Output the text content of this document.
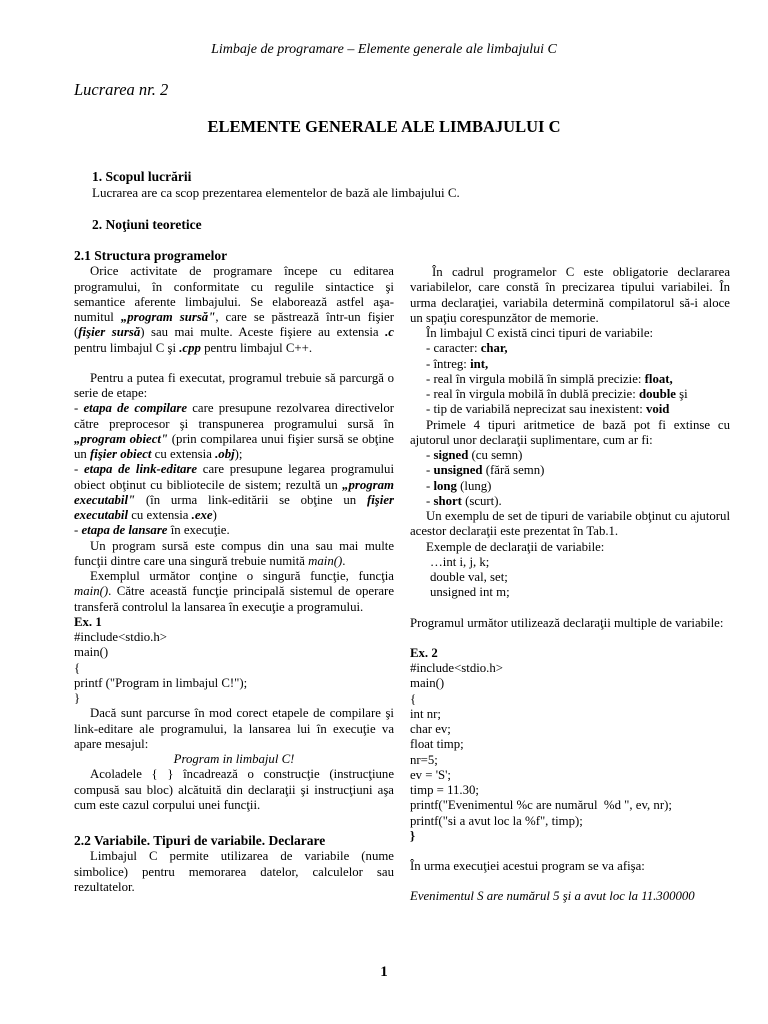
Limbaje de programare – Elemente generale ale limbajului C
Lucrarea nr. 2
ELEMENTE GENERALE ALE LIMBAJULUI C
1. Scopul lucrării
Lucrarea are ca scop prezentarea elementelor de bază ale limbajului C.
2. Noţiuni teoretice

2.1 Structura programelor

Orice activitate de programare începe cu editarea programului, în conformitate cu regulile sintactice şi semantice aferente limbajului. Se elaborează astfel aşa-numitul „program sursă", care se păstrează într-un fişier (fişier sursă) sau mai multe. Aceste fişiere au extensia .c pentru limbajul C şi .cpp pentru limbajul C++.

Pentru a putea fi executat, programul trebuie să parcurgă o serie de etape:

- etapa de compilare care presupune rezolvarea directivelor către preprocesor şi transpunerea programului sursă în „program obiect" (prin compilarea unui fişier sursă se obţine un fişier obiect cu extensia .obj);

- etapa de link-editare care presupune legarea programului obiect obţinut cu bibliotecile de sistem; rezultă un „program executabil" (în urma link-editării se obţine un fişier executabil cu extensia .exe)

- etapa de lansare în execuţie.

Un program sursă este compus din una sau mai multe funcţii dintre care una singură trebuie numită main().

Exemplul următor conţine o singură funcţie, funcţia main(). Către această funcţie principală sistemul de operare transferă controlul la lansarea în execuţie a programului.

Ex. 1

#include<stdio.h>
main()
{
printf ("Program in limbajul C!");
}

Dacă sunt parcurse în mod corect etapele de compilare şi link-editare ale programului, la lansarea lui în execuţie va apare mesajul:

Program in limbajul C!

Acoladele { } încadrează o construcţie (instrucţiune compusă sau bloc) alcătuită din declaraţii şi instrucţiuni aşa cum este cazul corpului unei funcţii.

2.2 Variabile. Tipuri de variabile. Declarare

Limbajul C permite utilizarea de variabile (nume simbolice) pentru memorarea datelor, calculelor sau rezultatelor.

În cadrul programelor C este obligatorie declararea variabilelor, care constă în precizarea tipului variabilei. În urma declaraţiei, variabila determină compilatorul să-i aloce un spaţiu corespunzător de memorie.

În limbajul C există cinci tipuri de variabile:

- caracter: char,
- întreg: int,
- real în virgula mobilă în simplă precizie: float,
- real în virgula mobilă în dublă precizie: double şi
- tip de variabilă neprecizat sau inexistent: void

Primele 4 tipuri aritmetice de bază pot fi extinse cu ajutorul unor declaraţii suplimentare, cum ar fi:

- signed (cu semn)
- unsigned (fără semn)
- long (lung)
- short (scurt).

Un exemplu de set de tipuri de variabile obţinut cu ajutorul acestor declaraţii este prezentat în Tab.1.

Exemple de declaraţii de variabile:

…int i, j, k;
double val, set;
unsigned int m;

Programul următor utilizează declaraţii multiple de variabile:

Ex. 2

#include<stdio.h>
main()
{
int nr;
char ev;
float timp;
nr=5;
ev = 'S';
timp = 11.30;
printf("Evenimentul %c are numărul  %d ", ev, nr);
printf("si a avut loc la %f", timp);
}

În urma execuţiei acestui program se va afişa:

Evenimentul S are numărul 5 şi a avut loc la 11.300000

1
